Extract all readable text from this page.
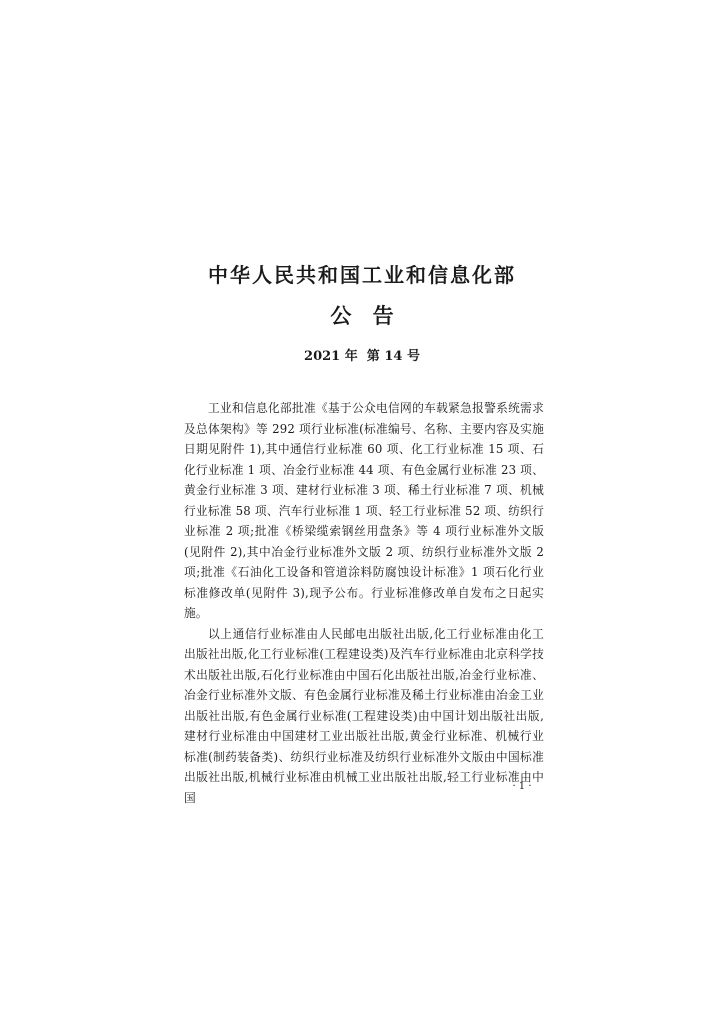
中华人民共和国工业和信息化部
公 告
2021 年  第 14 号

工业和信息化部批准《基于公众电信网的车载紧急报警系统需求及总体架构》等 292 项行业标准(标准编号、名称、主要内容及实施日期见附件 1),其中通信行业标准 60 项、化工行业标准 15 项、石化行业标准 1 项、冶金行业标准 44 项、有色金属行业标准 23 项、黄金行业标准 3 项、建材行业标准 3 项、稀土行业标准 7 项、机械行业标准 58 项、汽车行业标准 1 项、轻工行业标准 52 项、纺织行业标准 2 项;批准《桥梁缆索钢丝用盘条》等 4 项行业标准外文版(见附件 2),其中冶金行业标准外文版 2 项、纺织行业标准外文版 2 项;批准《石油化工设备和管道涂料防腐蚀设计标准》1 项石化行业标准修改单(见附件 3),现予公布。行业标准修改单自发布之日起实施。

以上通信行业标准由人民邮电出版社出版,化工行业标准由化工出版社出版,化工行业标准(工程建设类)及汽车行业标准由北京科学技术出版社出版,石化行业标准由中国石化出版社出版,冶金行业标准、冶金行业标准外文版、有色金属行业标准及稀土行业标准由冶金工业出版社出版,有色金属行业标准(工程建设类)由中国计划出版社出版,建材行业标准由中国建材工业出版社出版,黄金行业标准、机械行业标准(制药装备类)、纺织行业标准及纺织行业标准外文版由中国标准出版社出版,机械行业标准由机械工业出版社出版,轻工行业标准由中国

· 1 ·
